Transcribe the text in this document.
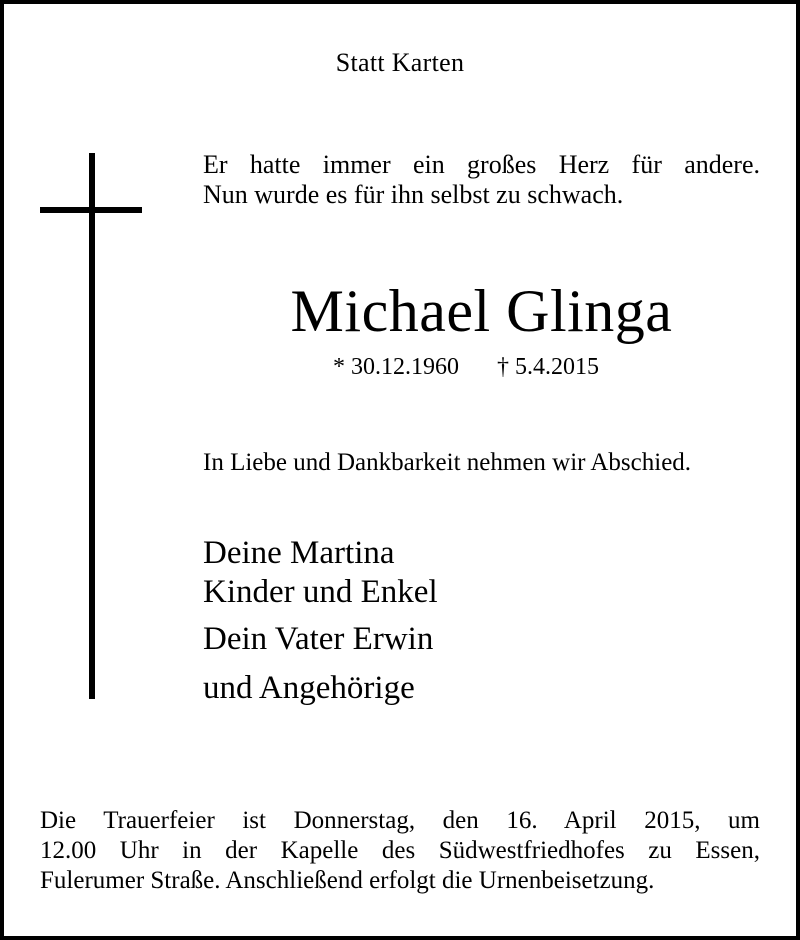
Statt Karten
Er hatte immer ein großes Herz für andere.
Nun wurde es für ihn selbst zu schwach.
Michael Glinga
* 30.12.1960 † 5.4.2015
In Liebe und Dankbarkeit nehmen wir Abschied.
Deine Martina
Kinder und Enkel
Dein Vater Erwin
und Angehörige
Die Trauerfeier ist Donnerstag, den 16. April 2015, um
12.00 Uhr in der Kapelle des Südwestfriedhofes zu Essen,
Fulerumer Straße. Anschließend erfolgt die Urnenbeisetzung.
